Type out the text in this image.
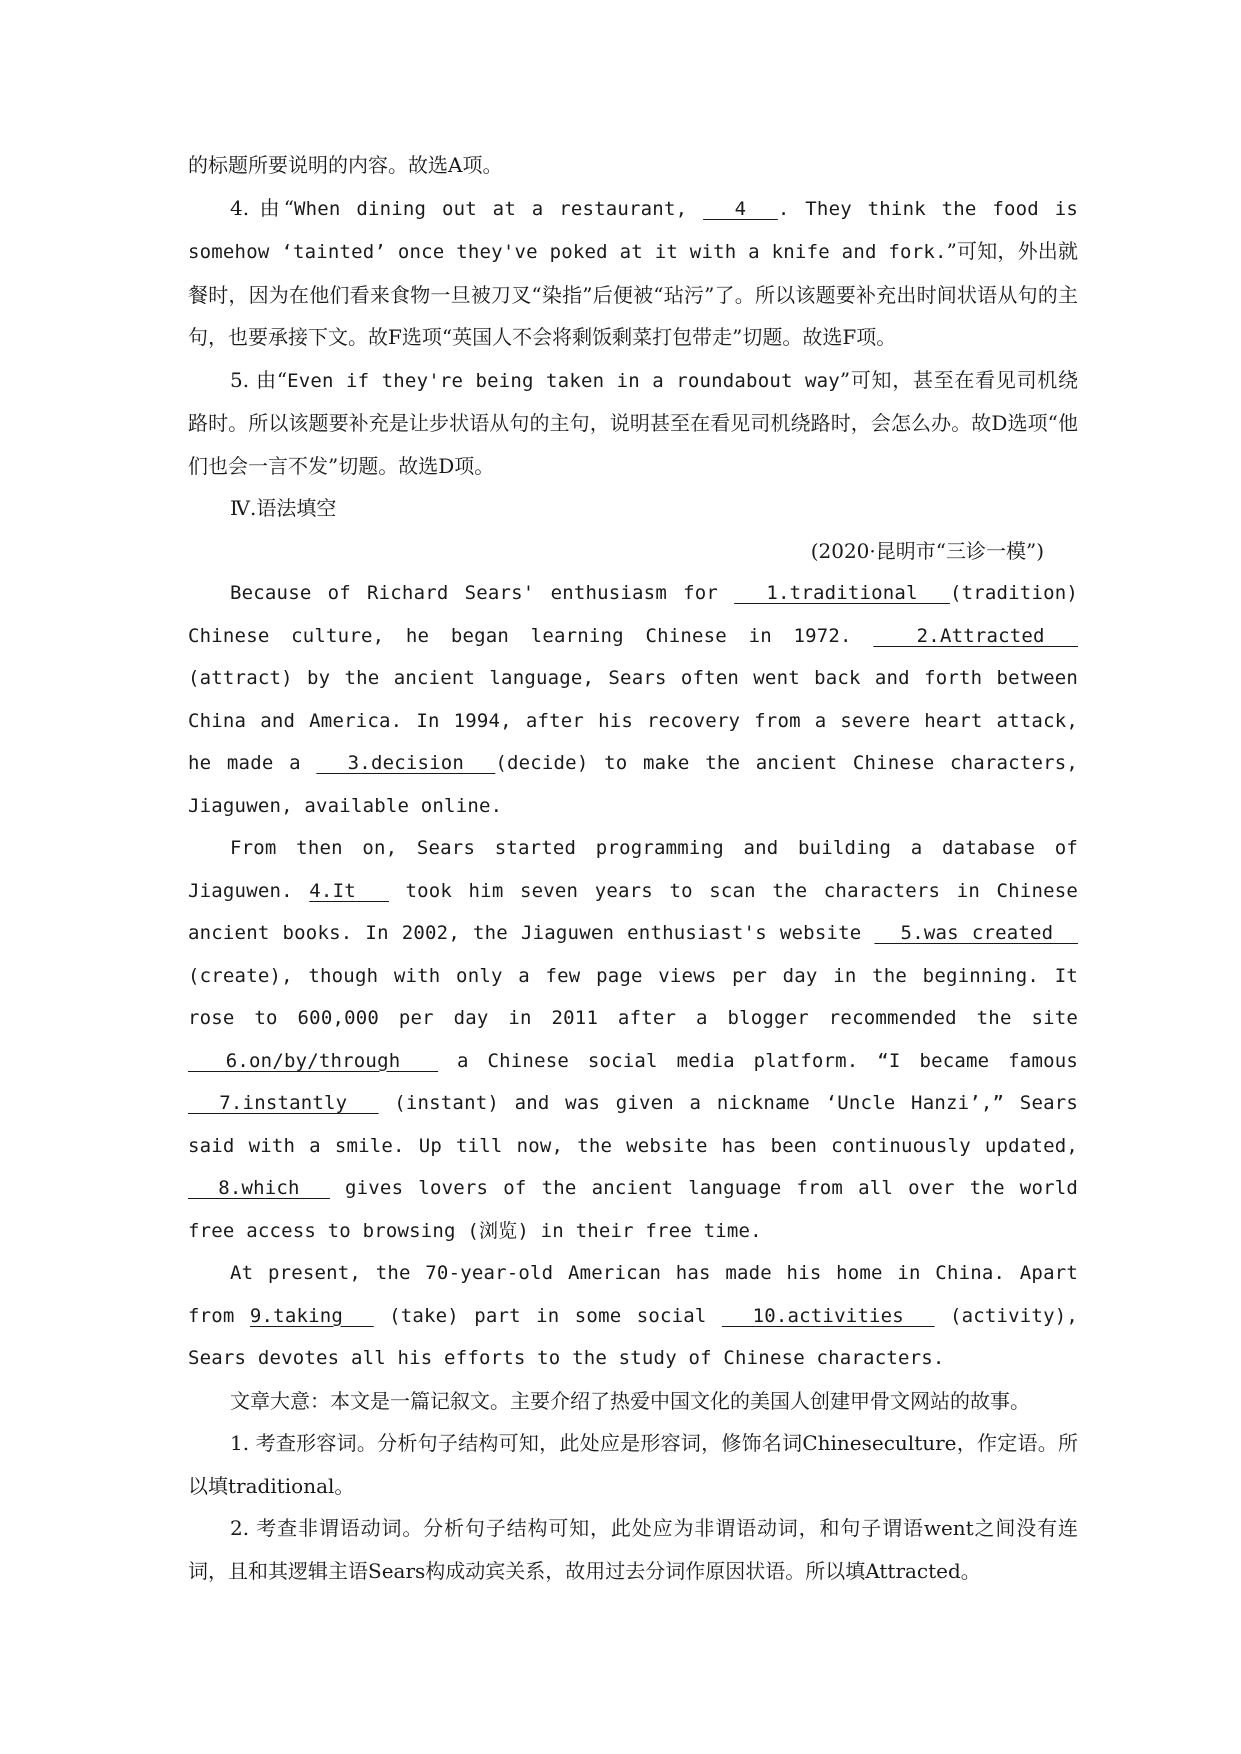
的标题所要说明的内容。故选A项。

4. 由“When dining out at a restaurant,   4  . They think the food is somehow ‘tainted’ once they've poked at it with a knife and fork.”可知，外出就餐时，因为在他们看来食物一旦被刀叉“染指”后便被“玷污”了。所以该题要补充出时间状语从句的主句，也要承接下文。故F选项“英国人不会将剩饭剩菜打包带走”切题。故选F项。

5. 由“Even if they're being taken in a roundabout way”可知，甚至在看见司机绕路时。所以该题要补充是让步状语从句的主句，说明甚至在看见司机绕路时，会怎么办。故D选项“他们也会一言不发”切题。故选D项。

Ⅳ.语法填空

(2020·昆明市“三诊一模”)

Because of Richard Sears' enthusiasm for   1.traditional  (tradition) Chinese culture, he began learning Chinese in 1972.   2.Attracted   (attract) by the ancient language, Sears often went back and forth between China and America. In 1994, after his recovery from a severe heart attack, he made a   3.decision  (decide) to make the ancient Chinese characters, Jiaguwen, available online.

From then on, Sears started programming and building a database of Jiaguwen. 4.It   took him seven years to scan the characters in Chinese ancient books. In 2002, the Jiaguwen enthusiast's website   5.was created   (create), though with only a few page views per day in the beginning. It rose to 600,000 per day in 2011 after a blogger recommended the site   6.on/by/through   a Chinese social media platform. “I became famous   7.instantly   (instant) and was given a nickname ‘Uncle Hanzi’,” Sears said with a smile. Up till now, the website has been continuously updated,   8.which   gives lovers of the ancient language from all over the world free access to browsing (浏览) in their free time.

At present, the 70-year-old American has made his home in China. Apart from 9.taking   (take) part in some social   10.activities   (activity), Sears devotes all his efforts to the study of Chinese characters.

文章大意：本文是一篇记叙文。主要介绍了热爱中国文化的美国人创建甲骨文网站的故事。

1. 考查形容词。分析句子结构可知，此处应是形容词，修饰名词Chineseculture，作定语。所以填traditional。

2. 考查非谓语动词。分析句子结构可知，此处应为非谓语动词，和句子谓语went之间没有连词，且和其逻辑主语Sears构成动宾关系，故用过去分词作原因状语。所以填Attracted。
